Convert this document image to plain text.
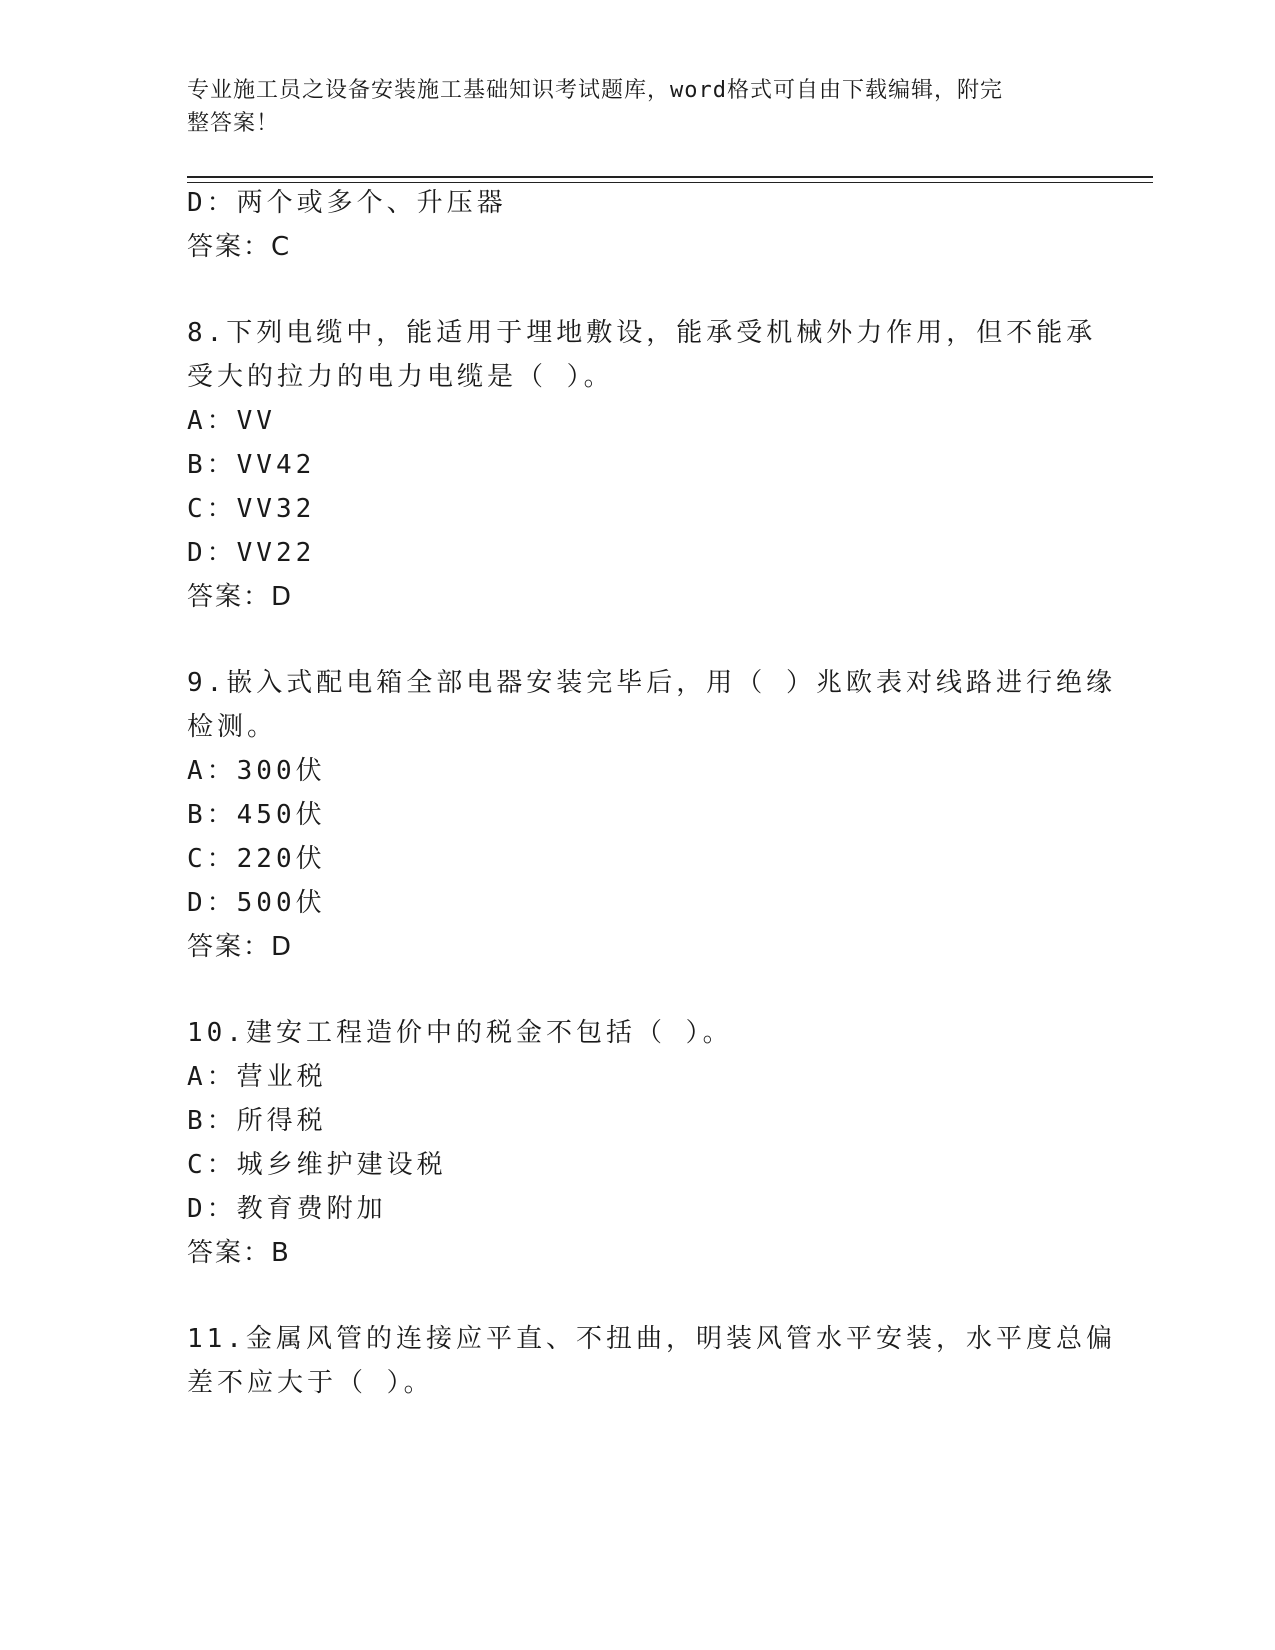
专业施工员之设备安装施工基础知识考试题库，word格式可自由下载编辑，附完
整答案！
D：两个或多个、升压器
答案：C
8.下列电缆中，能适用于埋地敷设，能承受机械外力作用，但不能承
受大的拉力的电力电缆是（ ）。
A：VV
B：VV42
C：VV32
D：VV22
答案：D
9.嵌入式配电箱全部电器安装完毕后，用（ ）兆欧表对线路进行绝缘
检测。
A：300伏
B：450伏
C：220伏
D：500伏
答案：D
10.建安工程造价中的税金不包括（ ）。
A：营业税
B：所得税
C：城乡维护建设税
D：教育费附加
答案：B
11.金属风管的连接应平直、不扭曲，明装风管水平安装，水平度总偏
差不应大于（ ）。
